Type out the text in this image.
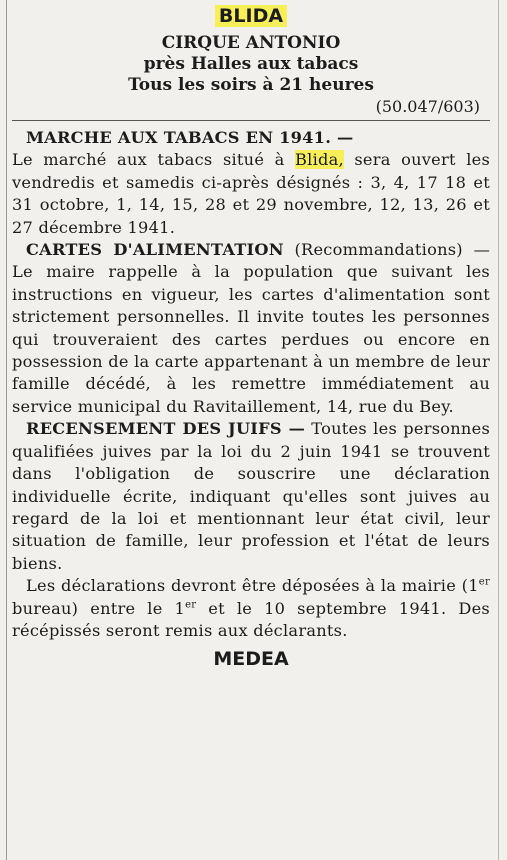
BLIDA
CIRQUE ANTONIO
près Halles aux tabacs
Tous les soirs à 21 heures
(50.047/603)

MARCHE AUX TABACS EN 1941. —
Le marché aux tabacs situé à Blida, sera ouvert les vendredis et samedis ci-après désignés : 3, 4, 17 18 et 31 octobre, 1, 14, 15, 28 et 29 novembre, 12, 13, 26 et 27 décembre 1941.

CARTES D'ALIMENTATION (Recommandations) — Le maire rappelle à la population que suivant les instructions en vigueur, les cartes d'alimentation sont strictement personnelles. Il invite toutes les personnes qui trouveraient des cartes perdues ou encore en possession de la carte appartenant à un membre de leur famille décédé, à les remettre immédiatement au service municipal du Ravitaillement, 14, rue du Bey.

RECENSEMENT DES JUIFS — Toutes les personnes qualifiées juives par la loi du 2 juin 1941 se trouvent dans l'obligation de souscrire une déclaration individuelle écrite, indiquant qu'elles sont juives au regard de la loi et mentionnant leur état civil, leur situation de famille, leur profession et l'état de leurs biens.

Les déclarations devront être déposées à la mairie (1er bureau) entre le 1er et le 10 septembre 1941. Des récépissés seront remis aux déclarants.

MEDEA
